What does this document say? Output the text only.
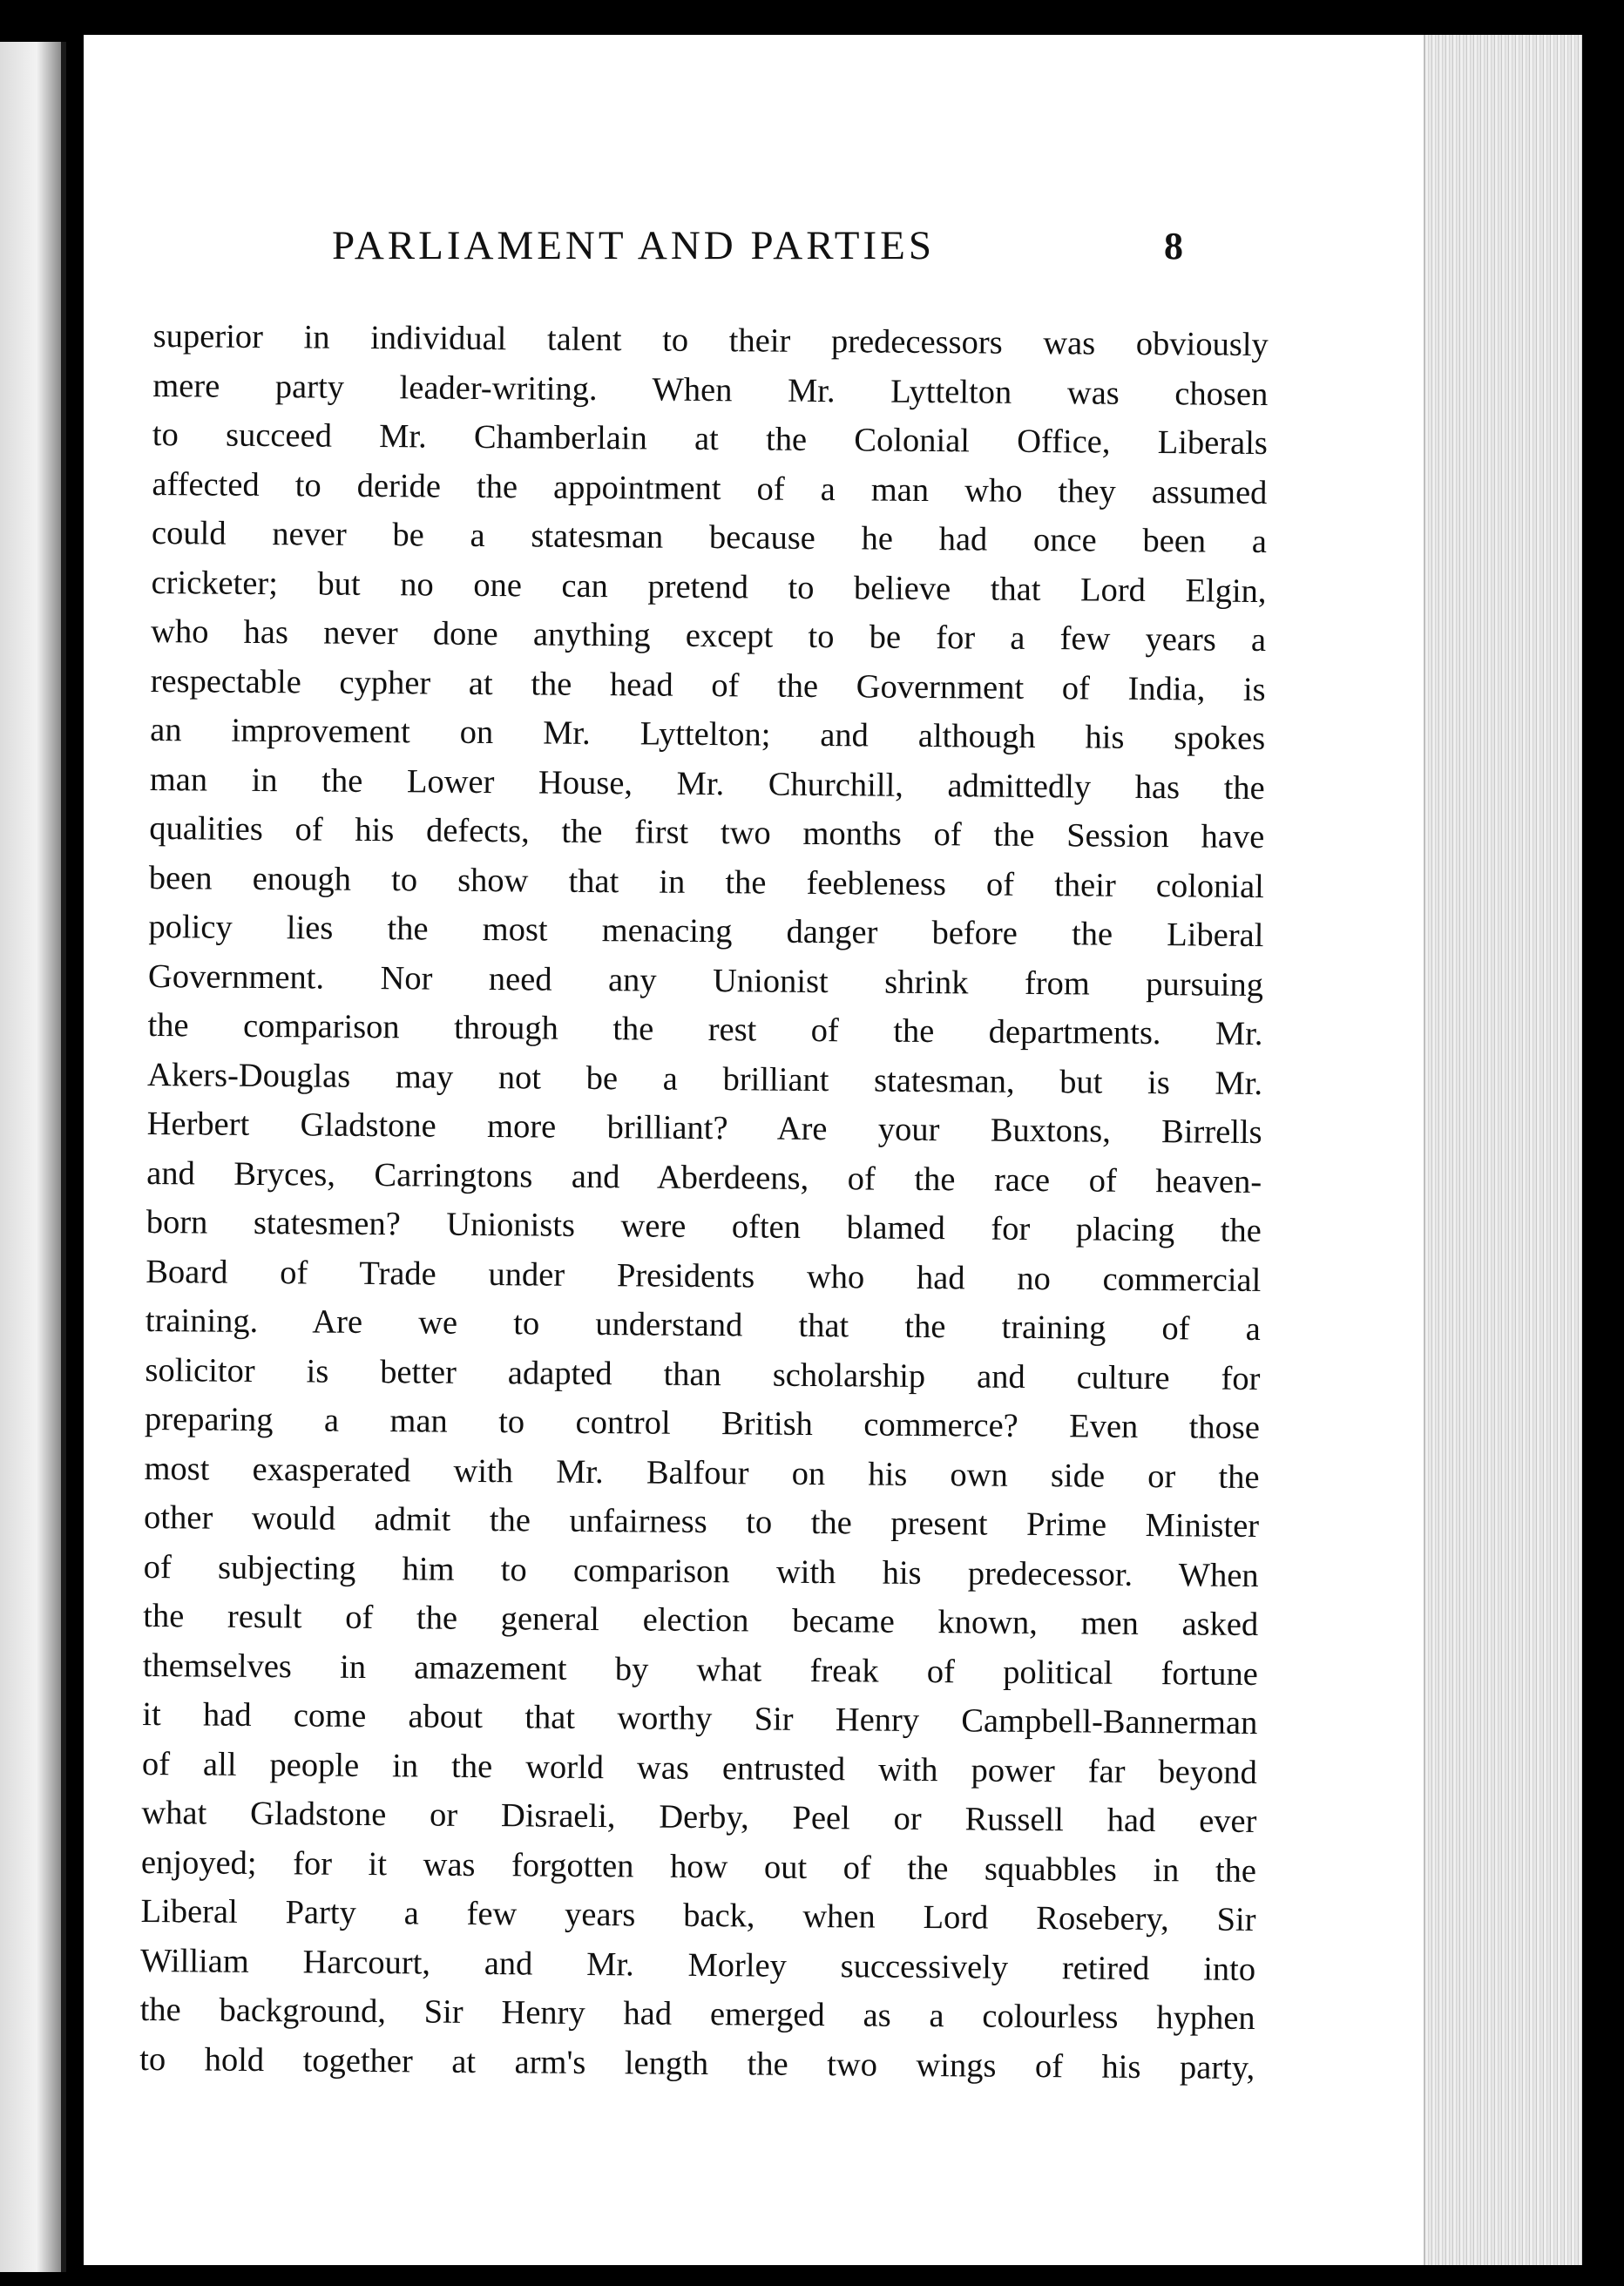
PARLIAMENT AND PARTIES	8
superior in individual talent to their predecessors was obviously
mere party leader-writing. When Mr. Lyttelton was chosen
to succeed Mr. Chamberlain at the Colonial Office, Liberals
affected to deride the appointment of a man who they assumed
could never be a statesman because he had once been a
cricketer; but no one can pretend to believe that Lord Elgin,
who has never done anything except to be for a few years a
respectable cypher at the head of the Government of India, is
an improvement on Mr. Lyttelton; and although his spokes
man in the Lower House, Mr. Churchill, admittedly has the
qualities of his defects, the first two months of the Session have
been enough to show that in the feebleness of their colonial
policy lies the most menacing danger before the Liberal
Government. Nor need any Unionist shrink from pursuing
the comparison through the rest of the departments. Mr.
Akers-Douglas may not be a brilliant statesman, but is Mr.
Herbert Gladstone more brilliant? Are your Buxtons, Birrells
and Bryces, Carringtons and Aberdeens, of the race of heaven-
born statesmen? Unionists were often blamed for placing the
Board of Trade under Presidents who had no commercial
training. Are we to understand that the training of a
solicitor is better adapted than scholarship and culture for
preparing a man to control British commerce? Even those
most exasperated with Mr. Balfour on his own side or the
other would admit the unfairness to the present Prime Minister
of subjecting him to comparison with his predecessor. When
the result of the general election became known, men asked
themselves in amazement by what freak of political fortune
it had come about that worthy Sir Henry Campbell-Bannerman
of all people in the world was entrusted with power far beyond
what Gladstone or Disraeli, Derby, Peel or Russell had ever
enjoyed; for it was forgotten how out of the squabbles in the
Liberal Party a few years back, when Lord Rosebery, Sir
William Harcourt, and Mr. Morley successively retired into
the background, Sir Henry had emerged as a colourless hyphen
to hold together at arm's length the two wings of his party,
